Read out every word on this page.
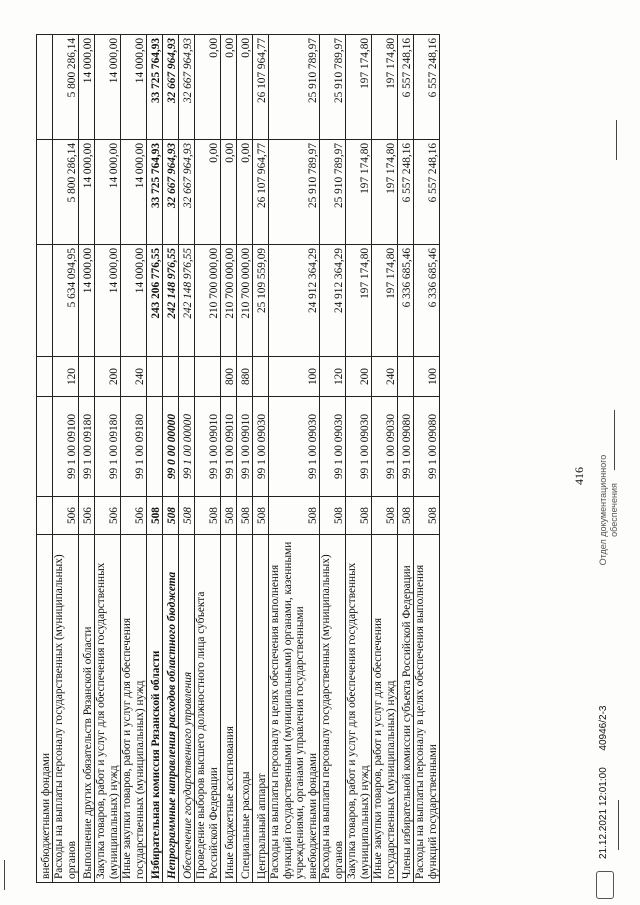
416
внебюджетными фондами						
Расходы на выплаты персоналу государственных (муниципальных) органов	506	99 1 00 09100	120	5 634 094,95	5 800 286,14	5 800 286,14
Выполнение других обязательств Рязанской области	506	99 1 00 09180		14 000,00	14 000,00	14 000,00
Закупка товаров, работ и услуг для обеспечения государственных (муниципальных) нужд	506	99 1 00 09180	200	14 000,00	14 000,00	14 000,00
Иные закупки товаров, работ и услуг для обеспечения государственных (муниципальных) нужд	506	99 1 00 09180	240	14 000,00	14 000,00	14 000,00
Избирательная комиссия Рязанской области	508			243 206 776,55	33 725 764,93	33 725 764,93
Непрограммные направления расходов областного бюджета	508	99 0 00 00000		242 148 976,55	32 667 964,93	32 667 964,93
Обеспечение государственного управления	508	99 1 00 00000		242 148 976,55	32 667 964,93	32 667 964,93
Проведение выборов высшего должностного лица субъекта Российской Федерации	508	99 1 00 09010		210 700 000,00	0,00	0,00
Иные бюджетные ассигнования	508	99 1 00 09010	800	210 700 000,00	0,00	0,00
Специальные расходы	508	99 1 00 09010	880	210 700 000,00	0,00	0,00
Центральный аппарат	508	99 1 00 09030		25 109 559,09	26 107 964,77	26 107 964,77
Расходы на выплаты персоналу в целях обеспечения выполнения функций государственными (муниципальными) органами, казенными учреждениями, органами управления государственными внебюджетными фондами	508	99 1 00 09030	100	24 912 364,29	25 910 789,97	25 910 789,97
Расходы на выплаты персоналу государственных (муниципальных) органов	508	99 1 00 09030	120	24 912 364,29	25 910 789,97	25 910 789,97
Закупка товаров, работ и услуг для обеспечения государственных (муниципальных) нужд	508	99 1 00 09030	200	197 174,80	197 174,80	197 174,80
Иные закупки товаров, работ и услуг для обеспечения государственных (муниципальных) нужд	508	99 1 00 09030	240	197 174,80	197 174,80	197 174,80
Члены избирательной комиссии субъекта Российской Федерации	508	99 1 00 09080		6 336 685,46	6 557 248,16	6 557 248,16
Расходы на выплаты персоналу в целях обеспечения выполнения функций государственными	508	99 1 00 09080	100	6 336 685,46	6 557 248,16	6 557 248,16
21.12.2021 12:01:00      40946/2-3
Отдел документационного обеспечения
